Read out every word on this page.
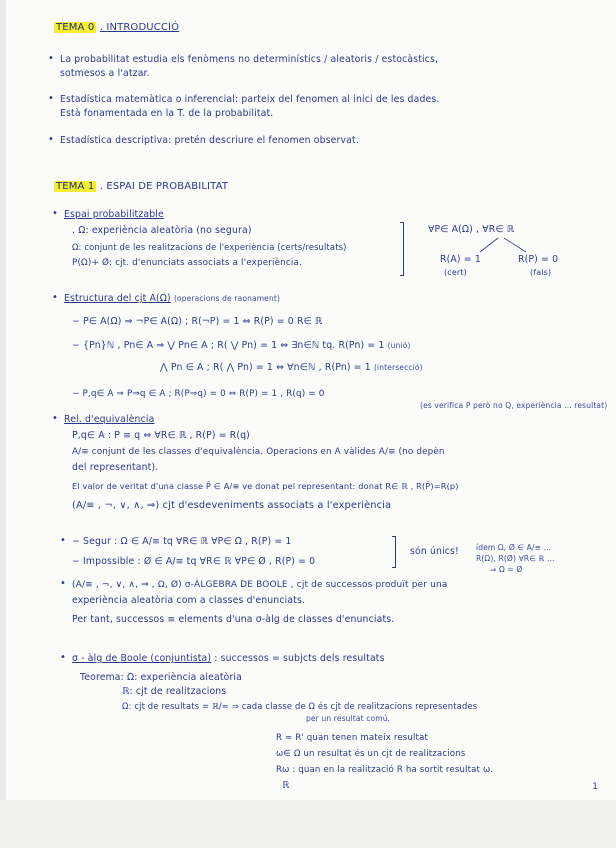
TEMA 0 . INTRODUCCIÓ
• La probabilitat estudia els fenòmens no determinístics / aleatoris / estocàstics,
sotmesos a l'atzar.
• Estadística matemàtica o inferencial: parteix del fenomen al inici de les dades.
Està fonamentada en la T. de la probabilitat.
• Estadística descriptiva: pretén descriure el fenomen observat.
TEMA 1 . ESPAI DE PROBABILITAT
• Espai probabilitzable
. Ω: experiència aleatòria (no segura)
Ω: conjunt de les realitzacions de l'experiència (certs/resultats)
P(Ω)+ Ø: cjt. d'enunciats associats a l'experiència.
∀P∈ A(Ω) , ∀R∈ ℝ
R(A) = 1	R(P) = 0
(cert)	(fals)
• Estructura del cjt A(Ω) (operacions de raonament)
− P∈ A(Ω) ⇒ ¬P∈ A(Ω) ; R(¬P) = 1 ⇔ R(P) = 0 R∈ ℝ
− {Pn}ℕ , Pn∈ A ⇒ ⋁ Pn∈ A ; R( ⋁ Pn) = 1 ⇔ ∃n∈ℕ tq. R(Pn) = 1 (unió)
⋀ Pn ∈ A ; R( ⋀ Pn) = 1 ⇔ ∀n∈ℕ , R(Pn) = 1 (intersecció)
− P,q∈ A ⇒ P⇒q ∈ A ; R(P⇒q) = 0 ⇔ R(P) = 1 , R(q) = 0
(es verifica P però no Q, experiència ... resultat)
• Rel. d'equivalència
P,q∈ A : P ≡ q ⇔ ∀R∈ ℝ , R(P) = R(q)
A/≡ conjunt de les classes d'equivalència. Operacions en A vàlides A/≡ (no depèn
del representant).
El valor de veritat d'una classe P̄ ∈ A/≡ ve donat pel representant: donat R∈ ℝ , R(P̄)=R(p)
(A/≡ , ¬, ∨, ∧, ⇒) cjt d'esdeveniments associats a l'experiència
• − Segur : Ω ∈ A/≡ tq ∀R∈ ℝ ∀P∈ Ω , R(P) = 1
− Impossible : Ø ∈ A/≡ tq ∀R∈ ℝ ∀P∈ Ø , R(P) = 0
són únics! ídem Ω, Ø ∈ A/≡ ...
R(Ω), R(Ø) ∀R∈ ℝ ...
⇒ Ω = Ø
• (A/≡ , ¬, ∨, ∧, ⇒ , Ω, Ø) σ-ÀLGEBRA DE BOOLE , cjt de successos produït per una
experiència aleatòria com a classes d'enunciats.
Per tant, successos ≡ elements d'una σ-àlg de classes d'enunciats.
• σ - àlg de Boole (conjuntista) : successos = subjcts dels resultats
Teorema: Ω: experiència aleatòria
ℝ: cjt de realitzacions
Ω: cjt de resultats = ℝ/≈ ⇒ cada classe de Ω és cjt de realitzacions representades
per un resultat comú.
R ≈ R' quan tenen mateix resultat
ω∈ Ω un resultat és un cjt de realitzacions
Rω : quan en la realització R ha sortit resultat ω.
ℝ	1
